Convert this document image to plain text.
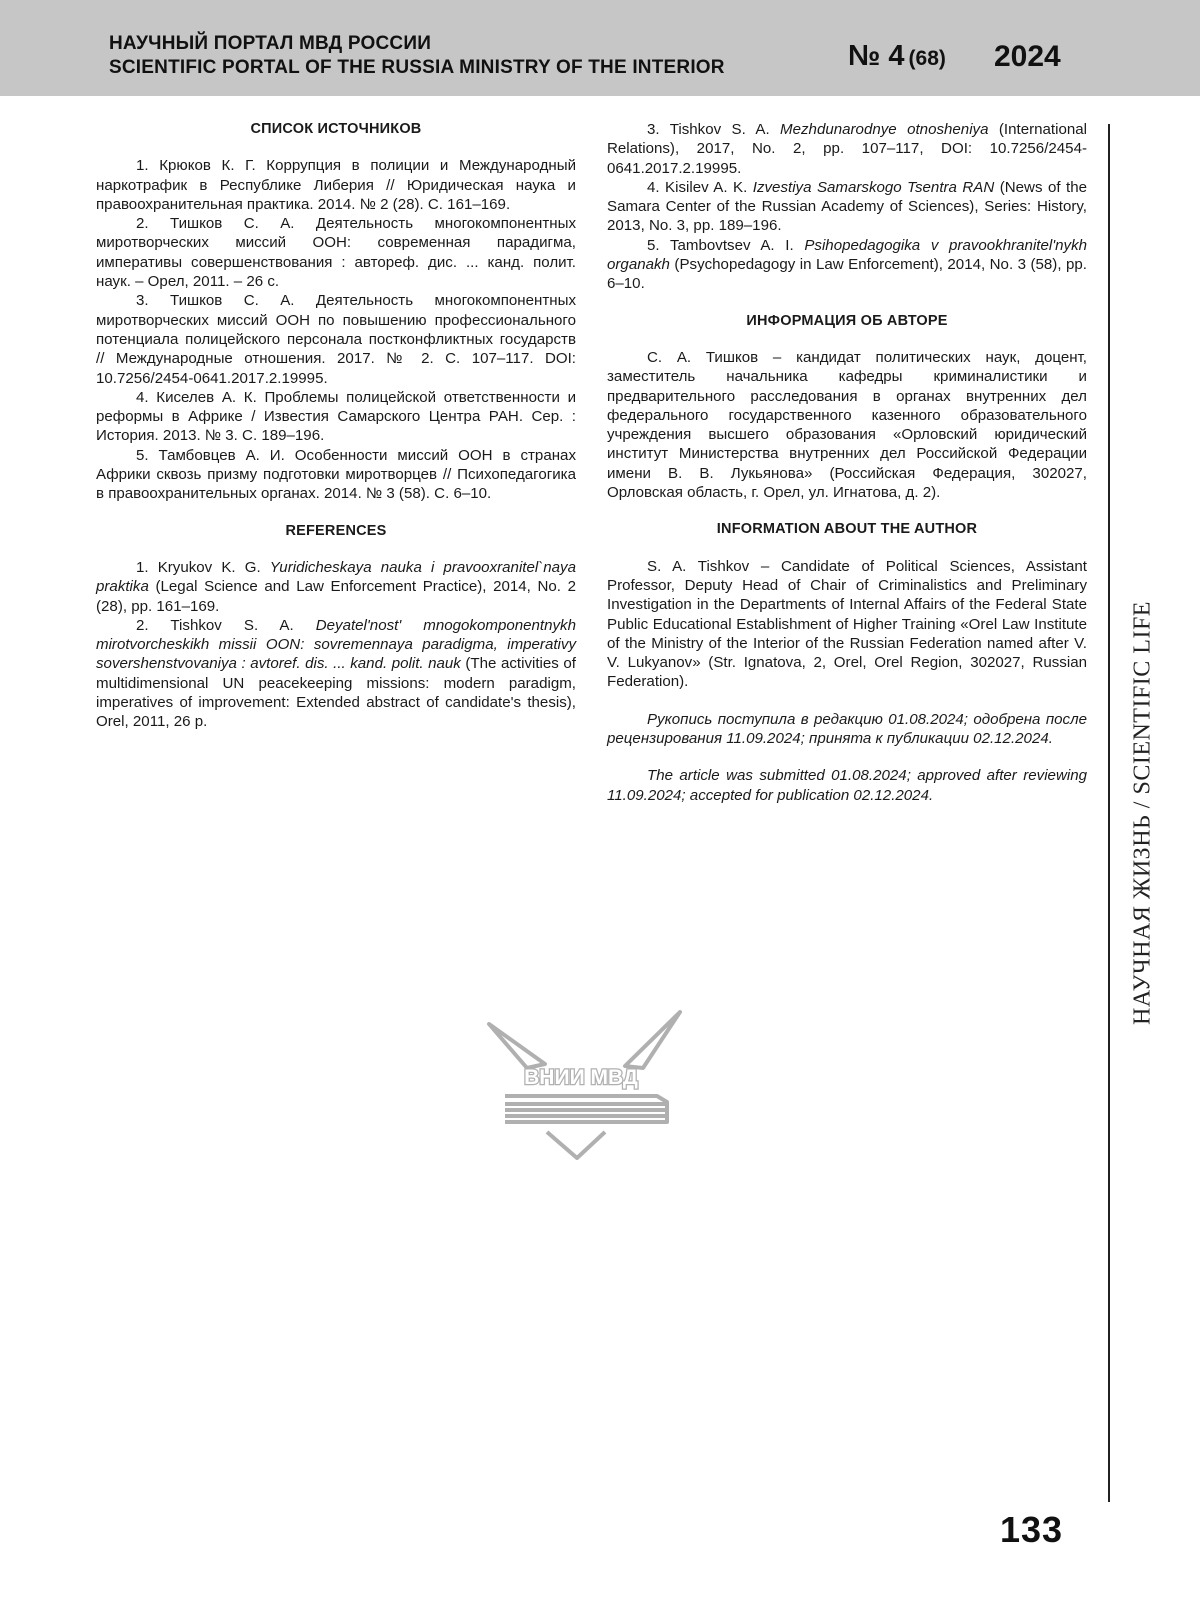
НАУЧНЫЙ ПОРТАЛ МВД РОССИИ
SCIENTIFIC PORTAL OF THE RUSSIA MINISTRY OF THE INTERIOR	№ 4 (68) 2024
СПИСОК ИСТОЧНИКОВ

1. Крюков К. Г. Коррупция в полиции и Международный наркотрафик в Республике Либерия // Юридическая наука и правоохранительная практика. 2014. № 2 (28). С. 161–169.

2. Тишков С. А. Деятельность многокомпонентных миротворческих миссий ООН: современная парадигма, императивы совершенствования : автореф. дис. ... канд. полит. наук. – Орел, 2011. – 26 с.

3. Тишков С. А. Деятельность многокомпонентных миротворческих миссий ООН по повышению профессионального потенциала полицейского персонала постконфликтных государств // Международные отношения. 2017. № 2. С. 107–117. DOI: 10.7256/2454-0641.2017.2.19995.

4. Киселев А. К. Проблемы полицейской ответственности и реформы в Африке / Известия Самарского Центра РАН. Сер. : История. 2013. № 3. С. 189–196.

5. Тамбовцев А. И. Особенности миссий ООН в странах Африки сквозь призму подготовки миротворцев // Психопедагогика в правоохранительных органах. 2014. № 3 (58). С. 6–10.

REFERENCES

1. Kryukov K. G. Yuridicheskaya nauka i pravooxranitel`naya praktika (Legal Science and Law Enforcement Practice), 2014, No. 2 (28), pp. 161–169.

2. Tishkov S. A. Deyatel'nost' mnogokomponentnykh mirotvorcheskikh missii OON: sovremennaya paradigma, imperativy sovershenstvovaniya : avtoref. dis. ... kand. polit. nauk (The activities of multidimensional UN peacekeeping missions: modern paradigm, imperatives of improvement: Extended abstract of candidate's thesis), Orel, 2011, 26 p.

3. Tishkov S. A. Mezhdunarodnye otnosheniya (International Relations), 2017, No. 2, pp. 107–117, DOI: 10.7256/2454-0641.2017.2.19995.

4. Kisilev A. K. Izvestiya Samarskogo Tsentra RAN (News of the Samara Center of the Russian Academy of Sciences), Series: History, 2013, No. 3, pp. 189–196.

5. Tambovtsev A. I. Psihopedagogika v pravookhranitel'nykh organakh (Psychopedagogy in Law Enforcement), 2014, No. 3 (58), pp. 6–10.

ИНФОРМАЦИЯ ОБ АВТОРЕ

С. А. Тишков – кандидат политических наук, доцент, заместитель начальника кафедры криминалистики и предварительного расследования в органах внутренних дел федерального государственного казенного образовательного учреждения высшего образования «Орловский юридический институт Министерства внутренних дел Российской Федерации имени В. В. Лукьянова» (Российская Федерация, 302027, Орловская область, г. Орел, ул. Игнатова, д. 2).

INFORMATION ABOUT THE AUTHOR

S. A. Tishkov – Candidate of Political Sciences, Assistant Professor, Deputy Head of Chair of Criminalistics and Preliminary Investigation in the Departments of Internal Affairs of the Federal State Public Educational Establishment of Higher Training «Orel Law Institute of the Ministry of the Interior of the Russian Federation named after V. V. Lukyanov» (Str. Ignatova, 2, Orel, Orel Region, 302027, Russian Federation).

Рукопись поступила в редакцию 01.08.2024; одобрена после рецензирования 11.09.2024; принята к публикации 02.12.2024.

The article was submitted 01.08.2024; approved after reviewing 11.09.2024; accepted for publication 02.12.2024.	НАУЧНАЯ ЖИЗНЬ / SCIENTIFIC LIFE
ВНИИ МВД
133
